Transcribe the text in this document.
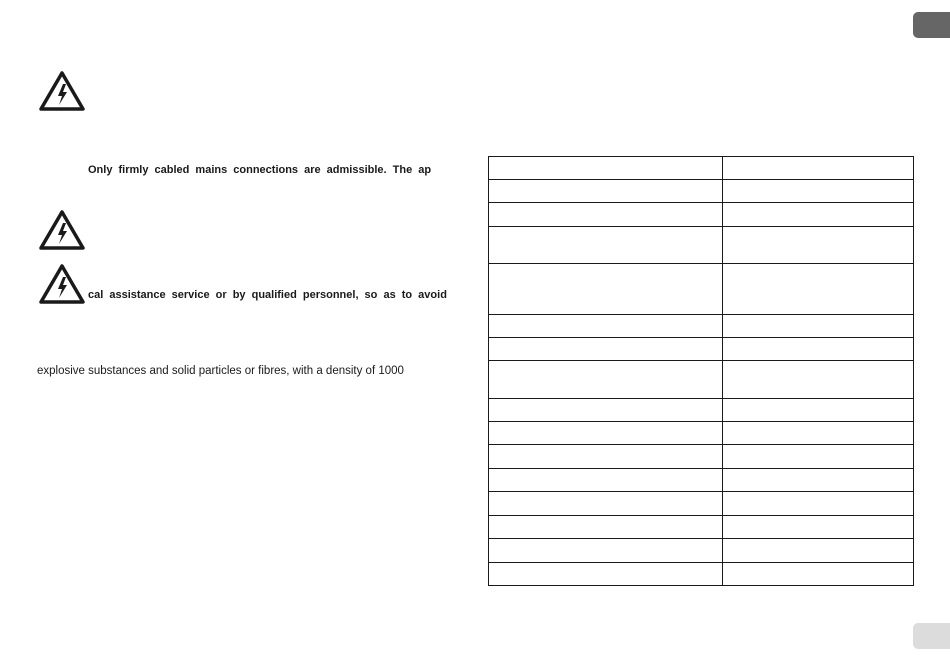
Only firmly cabled mains connections are admissible. The ap
cal assistance service or by qualified personnel, so as to avoid
explosive substances and solid particles or fibres, with a density of 1000
